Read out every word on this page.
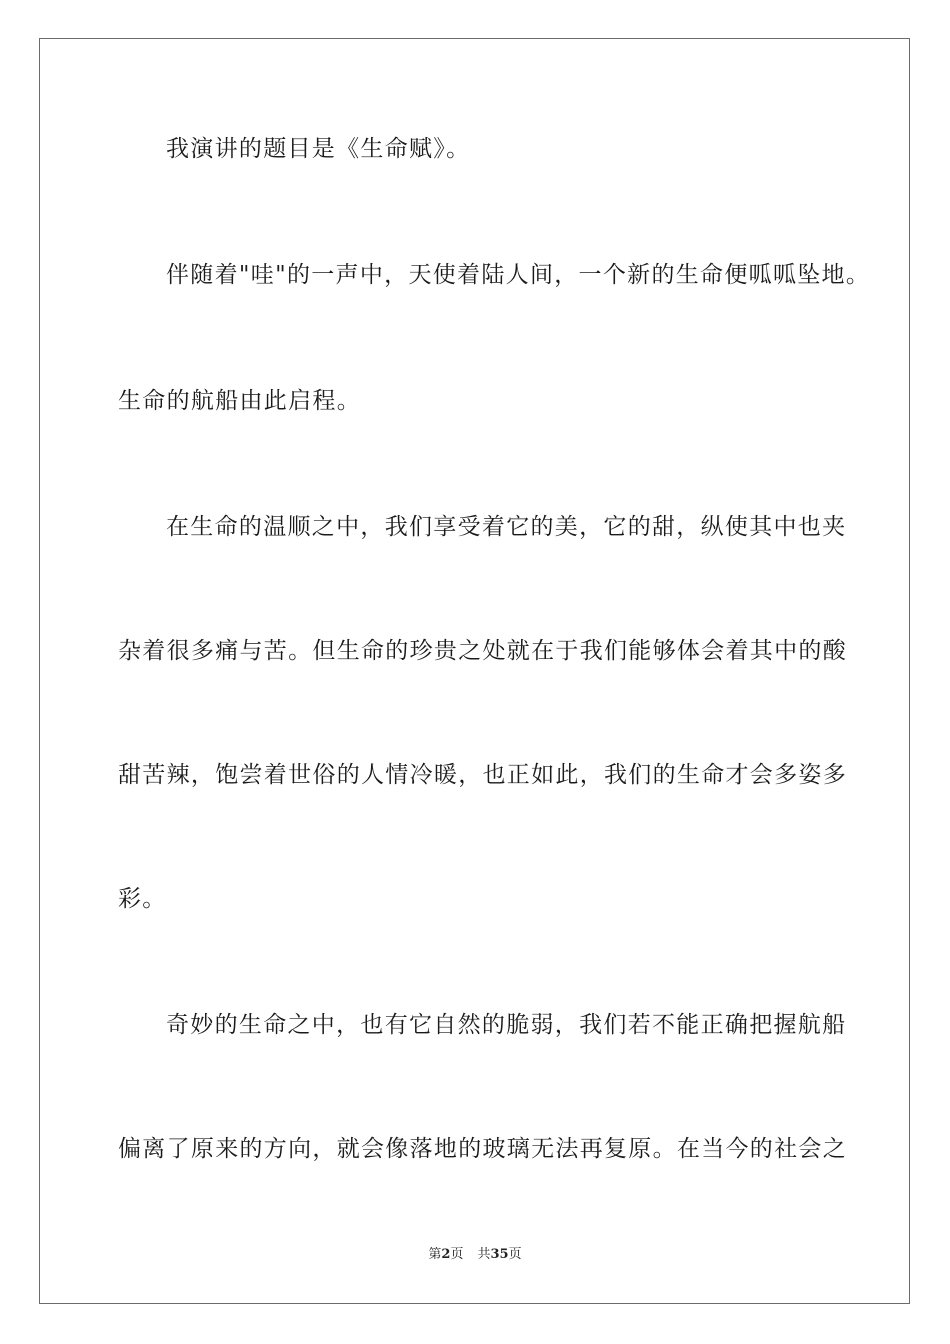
我演讲的题目是《生命赋》。
伴随着"哇"的一声中，天使着陆人间，一个新的生命便呱呱坠地。
生命的航船由此启程。
在生命的温顺之中，我们享受着它的美，它的甜，纵使其中也夹
杂着很多痛与苦。但生命的珍贵之处就在于我们能够体会着其中的酸
甜苦辣，饱尝着世俗的人情冷暖，也正如此，我们的生命才会多姿多
彩。
奇妙的生命之中，也有它自然的脆弱，我们若不能正确把握航船
偏离了原来的方向，就会像落地的玻璃无法再复原。在当今的社会之
第2页 共35页
